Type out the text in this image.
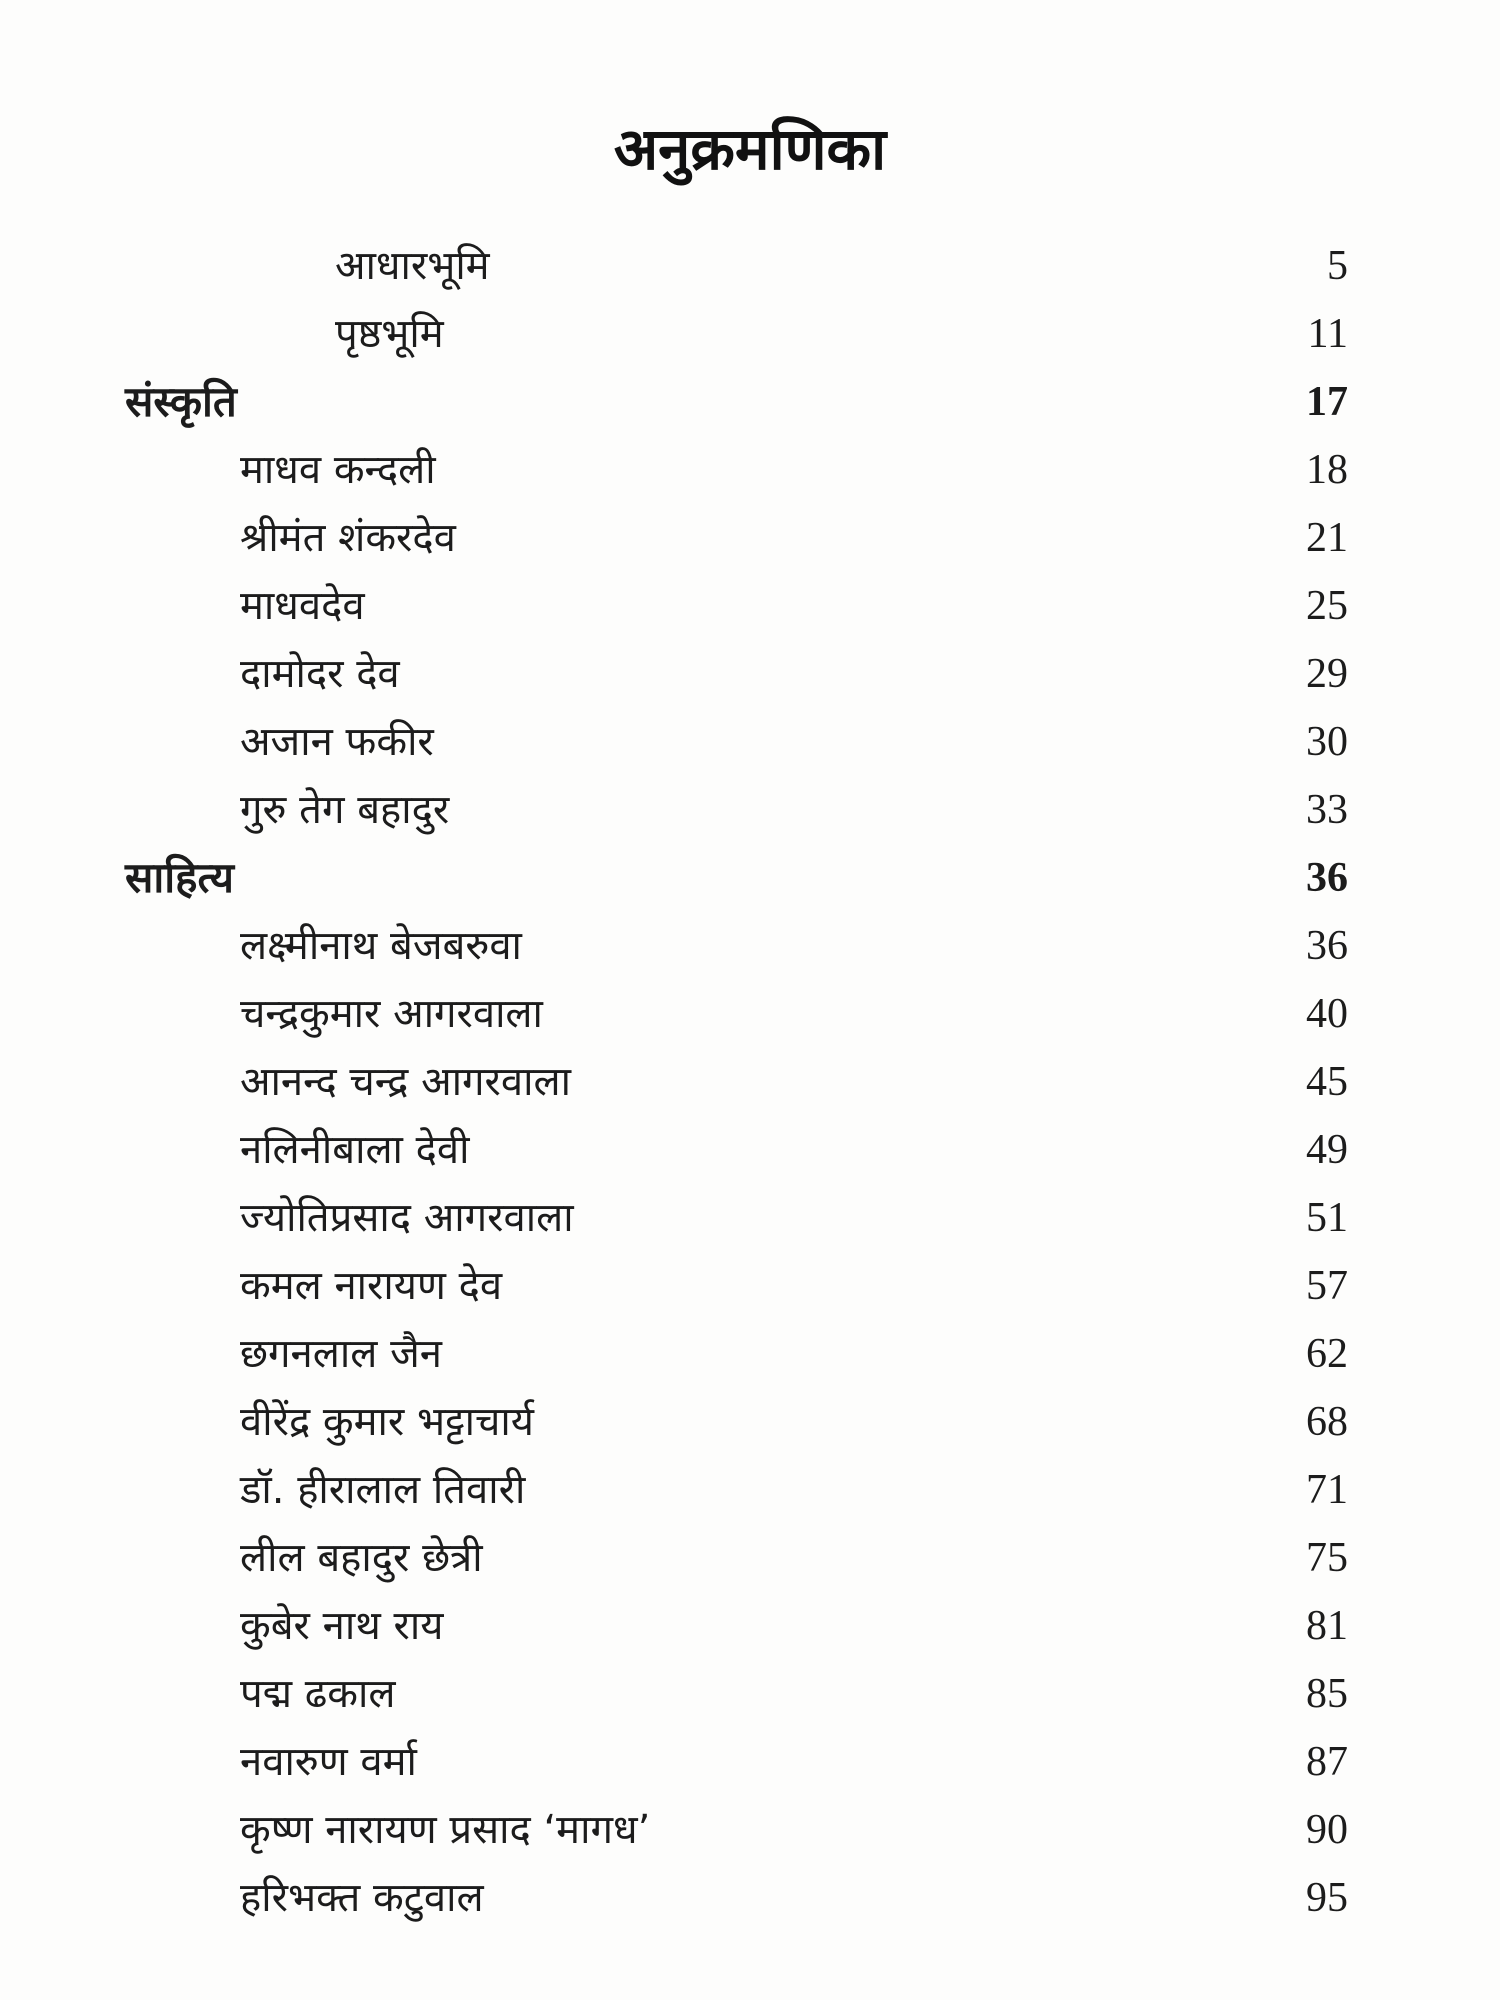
अनुक्रमणिका
आधारभूमि	5
पृष्ठभूमि	11
संस्कृति	17
माधव कन्दली	18
श्रीमंत शंकरदेव	21
माधवदेव	25
दामोदर देव	29
अजान फकीर	30
गुरु तेग बहादुर	33
साहित्य	36
लक्ष्मीनाथ बेजबरुवा	36
चन्द्रकुमार आगरवाला	40
आनन्द चन्द्र आगरवाला	45
नलिनीबाला देवी	49
ज्योतिप्रसाद आगरवाला	51
कमल नारायण देव	57
छगनलाल जैन	62
वीरेंद्र कुमार भट्टाचार्य	68
डॉ. हीरालाल तिवारी	71
लील बहादुर छेत्री	75
कुबेर नाथ राय	81
पद्म ढकाल	85
नवारुण वर्मा	87
कृष्ण नारायण प्रसाद ‘मागध’	90
हरिभक्त कटुवाल	95
